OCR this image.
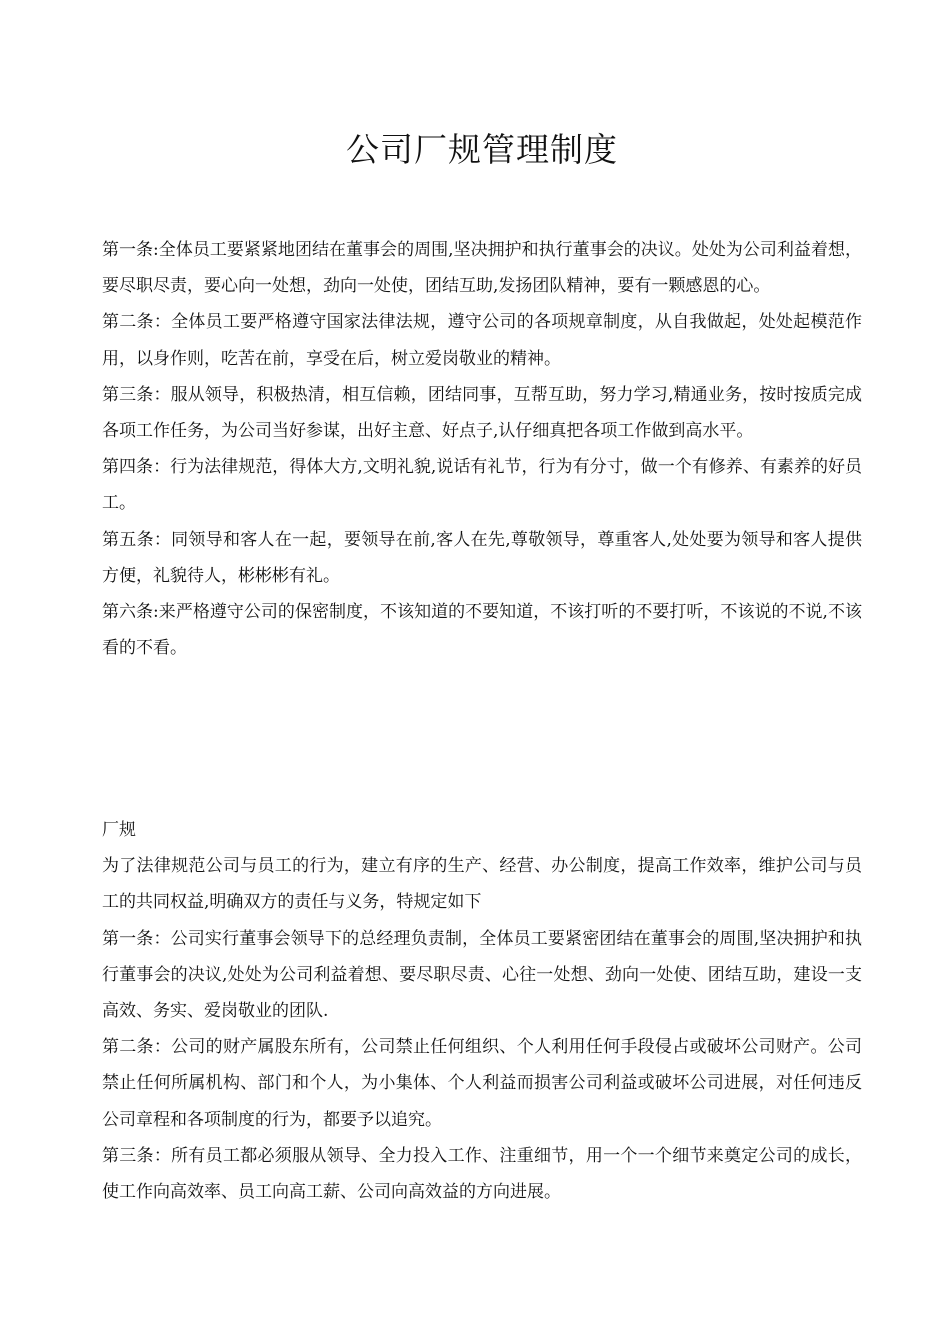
公司厂规管理制度

第一条:全体员工要紧紧地团结在董事会的周围,坚决拥护和执行董事会的决议。处处为公司利益着想，要尽职尽责，要心向一处想，劲向一处使，团结互助,发扬团队精神，要有一颗感恩的心。

第二条：全体员工要严格遵守国家法律法规，遵守公司的各项规章制度，从自我做起，处处起模范作用，以身作则，吃苦在前，享受在后，树立爱岗敬业的精神。

第三条：服从领导，积极热清，相互信赖，团结同事，互帮互助，努力学习,精通业务，按时按质完成各项工作任务，为公司当好参谋，出好主意、好点子,认仔细真把各项工作做到高水平。

第四条：行为法律规范，得体大方,文明礼貌,说话有礼节，行为有分寸，做一个有修养、有素养的好员工。

第五条：同领导和客人在一起，要领导在前,客人在先,尊敬领导，尊重客人,处处要为领导和客人提供方便，礼貌待人，彬彬彬有礼。

第六条:来严格遵守公司的保密制度，不该知道的不要知道，不该打听的不要打听，不该说的不说,不该看的不看。

厂规

为了法律规范公司与员工的行为，建立有序的生产、经营、办公制度，提高工作效率，维护公司与员工的共同权益,明确双方的责任与义务，特规定如下

第一条：公司实行董事会领导下的总经理负责制，全体员工要紧密团结在董事会的周围,坚决拥护和执行董事会的决议,处处为公司利益着想、要尽职尽责、心往一处想、劲向一处使、团结互助，建设一支高效、务实、爱岗敬业的团队.

第二条：公司的财产属股东所有，公司禁止任何组织、个人利用任何手段侵占或破坏公司财产。公司禁止任何所属机构、部门和个人，为小集体、个人利益而损害公司利益或破坏公司进展，对任何违反公司章程和各项制度的行为，都要予以追究。

第三条：所有员工都必须服从领导、全力投入工作、注重细节，用一个一个细节来奠定公司的成长，使工作向高效率、员工向高工薪、公司向高效益的方向进展。
